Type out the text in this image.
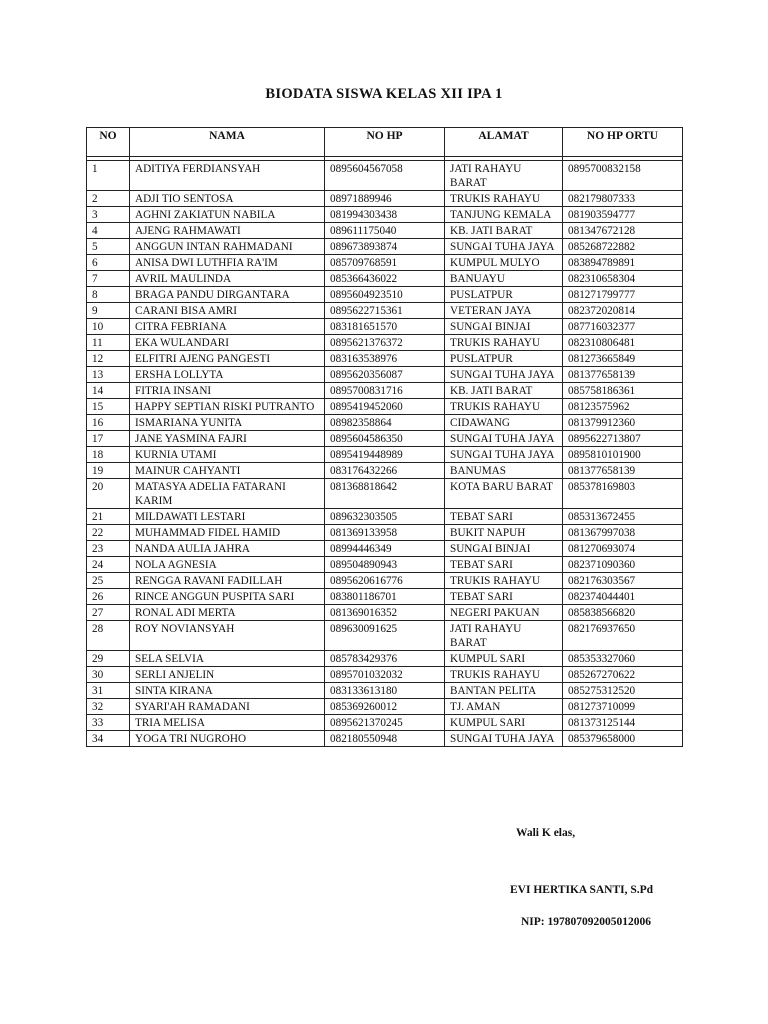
BIODATA SISWA KELAS XII IPA 1
NO	NAMA	NO HP	ALAMAT	NO HP ORTU

1	ADITIYA FERDIANSYAH	0895604567058	JATI RAHAYU BARAT	0895700832158
2	ADJI TIO SENTOSA	08971889946	TRUKIS RAHAYU	082179807333
3	AGHNI ZAKIATUN NABILA	081994303438	TANJUNG KEMALA	081903594777
4	AJENG RAHMAWATI	089611175040	KB. JATI BARAT	081347672128
5	ANGGUN INTAN RAHMADANI	089673893874	SUNGAI TUHA JAYA	085268722882
6	ANISA DWI LUTHFIA RA'IM	085709768591	KUMPUL MULYO	083894789891
7	AVRIL MAULINDA	085366436022	BANUAYU	082310658304
8	BRAGA PANDU DIRGANTARA	0895604923510	PUSLATPUR	081271799777
9	CARANI BISA AMRI	0895622715361	VETERAN JAYA	082372020814
10	CITRA FEBRIANA	083181651570	SUNGAI BINJAI	087716032377
11	EKA WULANDARI	0895621376372	TRUKIS RAHAYU	082310806481
12	ELFITRI AJENG PANGESTI	083163538976	PUSLATPUR	081273665849
13	ERSHA LOLLYTA	0895620356087	SUNGAI TUHA JAYA	081377658139
14	FITRIA INSANI	0895700831716	KB. JATI BARAT	085758186361
15	HAPPY SEPTIAN RISKI PUTRANTO	0895419452060	TRUKIS RAHAYU	08123575962
16	ISMARIANA YUNITA	08982358864	CIDAWANG	081379912360
17	JANE YASMINA FAJRI	0895604586350	SUNGAI TUHA JAYA	0895622713807
18	KURNIA UTAMI	0895419448989	SUNGAI TUHA JAYA	0895810101900
19	MAINUR CAHYANTI	083176432266	BANUMAS	081377658139
20	MATASYA ADELIA FATARANI KARIM	081368818642	KOTA BARU BARAT	085378169803
21	MILDAWATI LESTARI	089632303505	TEBAT SARI	085313672455
22	MUHAMMAD FIDEL HAMID	081369133958	BUKIT NAPUH	081367997038
23	NANDA AULIA JAHRA	08994446349	SUNGAI BINJAI	081270693074
24	NOLA AGNESIA	089504890943	TEBAT SARI	082371090360
25	RENGGA RAVANI FADILLAH	0895620616776	TRUKIS RAHAYU	082176303567
26	RINCE ANGGUN PUSPITA SARI	083801186701	TEBAT SARI	082374044401
27	RONAL ADI MERTA	081369016352	NEGERI PAKUAN	085838566820
28	ROY NOVIANSYAH	089630091625	JATI RAHAYU BARAT	082176937650
29	SELA SELVIA	085783429376	KUMPUL SARI	085353327060
30	SERLI ANJELIN	0895701032032	TRUKIS RAHAYU	085267270622
31	SINTA KIRANA	083133613180	BANTAN PELITA	085275312520
32	SYARI'AH RAMADANI	085369260012	TJ. AMAN	081273710099
33	TRIA MELISA	0895621370245	KUMPUL SARI	081373125144
34	YOGA TRI NUGROHO	082180550948	SUNGAI TUHA JAYA	085379658000
Wali K elas,
EVI HERTIKA SANTI, S.Pd
NIP: 197807092005012006
